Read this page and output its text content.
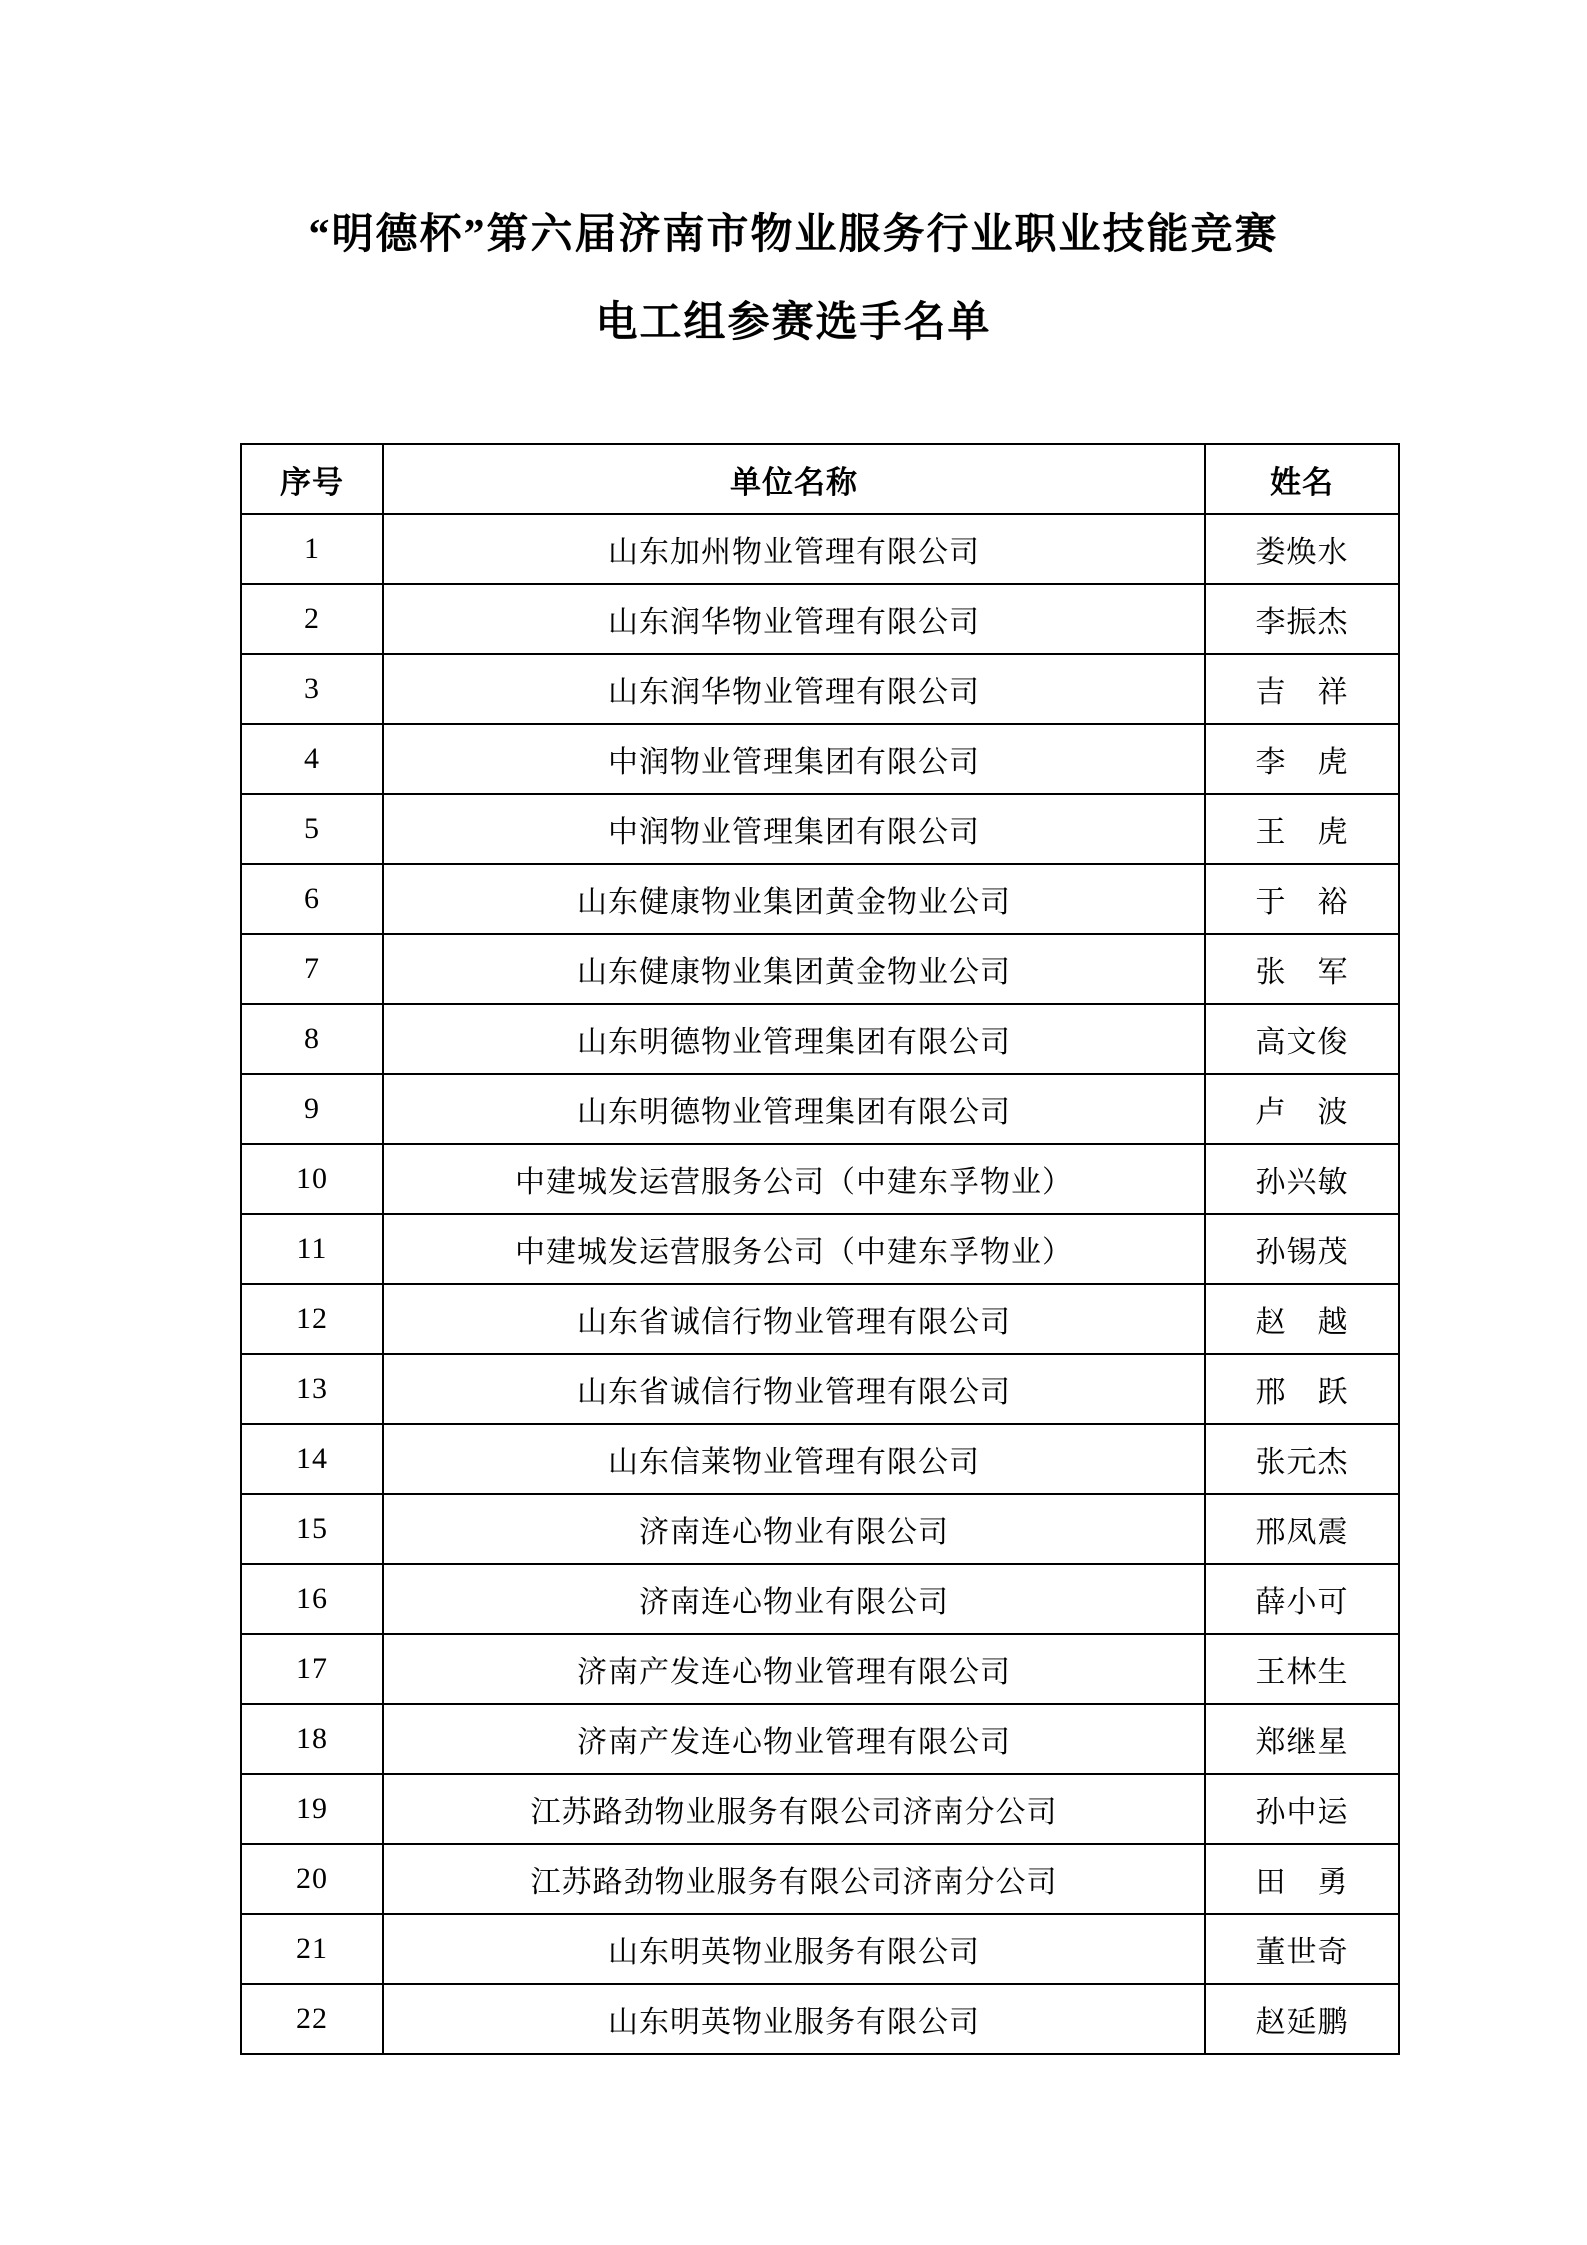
“明德杯”第六届济南市物业服务行业职业技能竞赛
电工组参赛选手名单
序号	单位名称	姓名
1	山东加州物业管理有限公司	娄焕水
2	山东润华物业管理有限公司	李振杰
3	山东润华物业管理有限公司	吉　祥
4	中润物业管理集团有限公司	李　虎
5	中润物业管理集团有限公司	王　虎
6	山东健康物业集团黄金物业公司	于　裕
7	山东健康物业集团黄金物业公司	张　军
8	山东明德物业管理集团有限公司	高文俊
9	山东明德物业管理集团有限公司	卢　波
10	中建城发运营服务公司（中建东孚物业）	孙兴敏
11	中建城发运营服务公司（中建东孚物业）	孙锡茂
12	山东省诚信行物业管理有限公司	赵　越
13	山东省诚信行物业管理有限公司	邢　跃
14	山东信莱物业管理有限公司	张元杰
15	济南连心物业有限公司	邢凤震
16	济南连心物业有限公司	薛小可
17	济南产发连心物业管理有限公司	王林生
18	济南产发连心物业管理有限公司	郑继星
19	江苏路劲物业服务有限公司济南分公司	孙中运
20	江苏路劲物业服务有限公司济南分公司	田　勇
21	山东明英物业服务有限公司	董世奇
22	山东明英物业服务有限公司	赵延鹏
